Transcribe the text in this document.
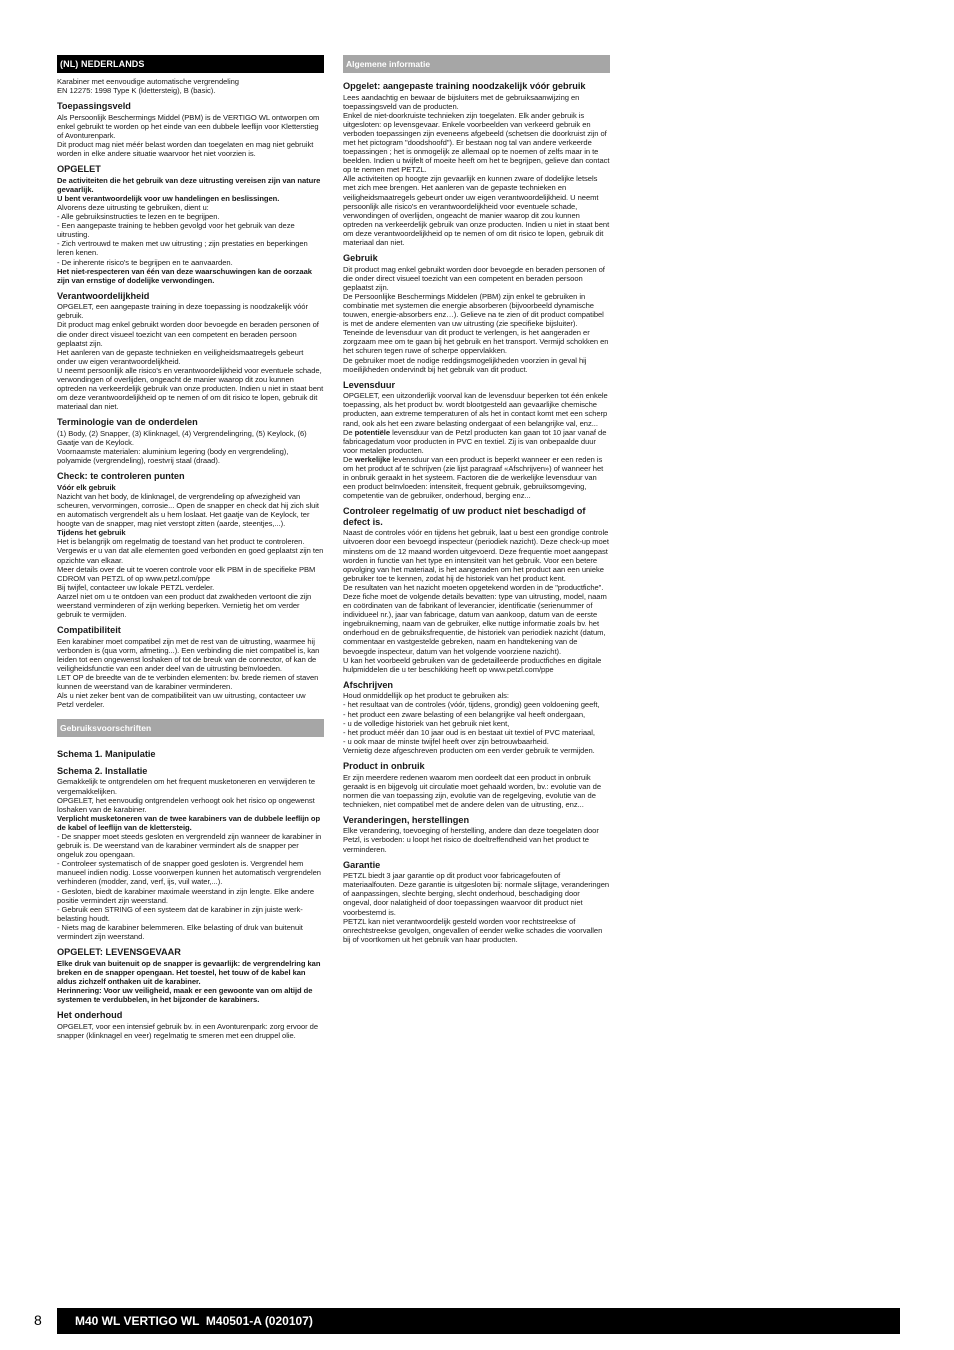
(NL) NEDERLANDS

Karabiner met eenvoudige automatische vergrendeling
EN 12275: 1998 Type K (klettersteig), B (basic).

Toepassingsveld

Als Persoonlijk Beschermings Middel (PBM) is de VERTIGO WL ontworpen om enkel gebruikt te worden op het einde van een dubbele leeflijn voor Kletterstieg of Avonturenpark.
Dit product mag niet méér belast worden dan toegelaten en mag niet gebruikt worden in elke andere situatie waarvoor het niet voorzien is.

OPGELET

De activiteiten die het gebruik van deze uitrusting vereisen zijn van nature gevaarlijk.
U bent verantwoordelijk voor uw handelingen en beslissingen.

Alvorens deze uitrusting te gebruiken, dient u:
- Alle gebruiksinstructies te lezen en te begrijpen.
- Een aangepaste training te hebben gevolgd voor het gebruik van deze uitrusting.
- Zich vertrouwd te maken met uw uitrusting ; zijn prestaties en beperkingen leren kenen.
- De inherente risico's te begrijpen en te aanvaarden.

Het niet-respecteren van één van deze waarschuwingen kan de oorzaak zijn van ernstige of dodelijke verwondingen.

Verantwoordelijkheid

OPGELET, een aangepaste training in deze toepassing is noodzakelijk vóór gebruik.
Dit product mag enkel gebruikt worden door bevoegde en beraden personen of die onder direct visueel toezicht van een competent en beraden persoon geplaatst zijn.
Het aanleren van de gepaste technieken en veiligheidsmaatregels gebeurt onder uw eigen verantwoordelijkheid.
U neemt persoonlijk alle risico's en verantwoordelijkheid voor eventuele schade, verwondingen of overlijden, ongeacht de manier waarop dit zou kunnen optreden na verkeerdelijk gebruik van onze producten. Indien u niet in staat bent om deze verantwoordelijkheid op te nemen of om dit risico te lopen, gebruik dit materiaal dan niet.

Terminologie van de onderdelen

(1) Body, (2) Snapper, (3) Klinknagel, (4) Vergrendelingring, (5) Keylock, (6) Gaatje van de Keylock.
Voornaamste materialen: aluminium legering (body en vergrendeling), polyamide (vergrendeling), roestvrij staal (draad).

Check: te controleren punten

Vóór elk gebruik

Nazicht van het body, de klinknagel, de vergrendeling op afwezigheid van scheuren, vervormingen, corrosie... Open de snapper en check dat hij zich sluit en automatisch vergrendelt als u hem loslaat. Het gaatje van de Keylock, ter hoogte van de snapper, mag niet verstopt zitten (aarde, steentjes,...).

Tijdens het gebruik

Het is belangrijk om regelmatig de toestand van het product te controleren. Vergewis er u van dat alle elementen goed verbonden en goed geplaatst zijn ten opzichte van elkaar.
Meer details over de uit te voeren controle voor elk PBM in de specifieke PBM CDROM van PETZL of op www.petzl.com/ppe
Bij twijfel, contacteer uw lokale PETZL verdeler.
Aarzel niet om u te ontdoen van een product dat zwakheden vertoont die zijn weerstand verminderen of zijn werking beperken. Vernietig het om verder gebruik te vermijden.

Compatibiliteit

Een karabiner moet compatibel zijn met de rest van de uitrusting, waarmee hij verbonden is (qua vorm, afmeting...). Een verbinding die niet compatibel is, kan leiden tot een ongewenst loshaken of tot de breuk van de connector, of kan de veiligheidsfunctie van een ander deel van de uitrusting beïnvloeden.
LET OP de breedte van de te verbinden elementen: bv. brede riemen of staven kunnen de weerstand van de karabiner verminderen.
Als u niet zeker bent van de compatibiliteit van uw uitrusting, contacteer uw Petzl verdeler.

Gebruiksvoorschriften
Schema 1. Manipulatie
Schema 2. Installatie

Gemakkelijk te ontgrendelen om het frequent musketoneren en verwijderen te vergemakkelijken.
OPGELET, het eenvoudig ontgrendelen verhoogt ook het risico op ongewenst loshaken van de karabiner.

Verplicht musketoneren van de twee karabiners van de dubbele leeflijn op de kabel of leeflijn van de klettersteig.

- De snapper moet steeds gesloten en vergrendeld zijn wanneer de karabiner in gebruik is. De weerstand van de karabiner vermindert als de snapper per ongeluk zou opengaan.
- Controleer systematisch of de snapper goed gesloten is. Vergrendel hem manueel indien nodig. Losse voorwerpen kunnen het automatisch vergrendelen verhinderen (modder, zand, verf, ijs, vuil water,...).
- Gesloten, biedt de karabiner maximale weerstand in zijn lengte. Elke andere positie vermindert zijn weerstand.
- Gebruik een STRING of een systeem dat de karabiner in zijn juiste werk-belasting houdt.
- Niets mag de karabiner belemmeren. Elke belasting of druk van buitenuit vermindert zijn weerstand.

OPGELET: LEVENSGEVAAR

Elke druk van buitenuit op de snapper is gevaarlijk: de vergrendelring kan breken en de snapper opengaan. Het toestel, het touw of de kabel kan aldus zichzelf onthaken uit de karabiner.
Herinnering: Voor uw veiligheid, maak er een gewoonte van om altijd de systemen te verdubbelen, in het bijzonder de karabiners.

Het onderhoud

OPGELET, voor een intensief gebruik bv. in een Avonturenpark: zorg ervoor de snapper (klinknagel en veer) regelmatig te smeren met een druppel olie.

Algemene informatie
Opgelet: aangepaste training noodzakelijk vóór gebruik

Lees aandachtig en bewaar de bijsluiters met de gebruiksaanwijzing en toepassingsveld van de producten.
Enkel de niet-doorkruiste technieken zijn toegelaten. Elk ander gebruik is uitgesloten: op levensgevaar. Enkele voorbeelden van verkeerd gebruik en verboden toepassingen zijn eveneens afgebeeld (schetsen die doorkruist zijn of met het pictogram "doodshoofd"). Er bestaan nog tal van andere verkeerde toepassingen ; het is onmogelijk ze allemaal op te noemen of zelfs maar in te beelden. Indien u twijfelt of moeite heeft om het te begrijpen, gelieve dan contact op te nemen met PETZL.
Alle activiteiten op hoogte zijn gevaarlijk en kunnen zware of dodelijke letsels met zich mee brengen. Het aanleren van de gepaste technieken en veiligheidsmaatregels gebeurt onder uw eigen verantwoordelijkheid. U neemt persoonlijk alle risico's en verantwoordelijkheid voor eventuele schade, verwondingen of overlijden, ongeacht de manier waarop dit zou kunnen optreden na verkeerdelijk gebruik van onze producten. Indien u niet in staat bent om deze verantwoordelijkheid op te nemen of om dit risico te lopen, gebruik dit materiaal dan niet.

Gebruik

Dit product mag enkel gebruikt worden door bevoegde en beraden personen of die onder direct visueel toezicht van een competent en beraden persoon geplaatst zijn.
De Persoonlijke Beschermings Middelen (PBM) zijn enkel te gebruiken in combinatie met systemen die energie absorberen (bijvoorbeeld dynamische touwen, energie-absorbers enz…). Gelieve na te zien of dit product compatibel is met de andere elementen van uw uitrusting (zie specifieke bijsluiter).
Teneinde de levensduur van dit product te verlengen, is het aangeraden er zorgzaam mee om te gaan bij het gebruik en het transport. Vermijd schokken en het schuren tegen ruwe of scherpe oppervlakken.
De gebruiker moet de nodige reddingsmogelijkheden voorzien in geval hij moeilijkheden ondervindt bij het gebruik van dit product.

Levensduur

OPGELET, een uitzonderlijk voorval kan de levensduur beperken tot één enkele toepassing, als het product bv. wordt blootgesteld aan gevaarlijke chemische producten, aan extreme temperaturen of als het in contact komt met een scherp rand, ook als het een zware belasting ondergaat of een belangrijke val, enz...

De potentiële levensduur van de Petzl producten kan gaan tot 10 jaar vanaf de fabricagedatum voor producten in PVC en textiel. Zij is van onbepaalde duur voor metalen producten.

De werkelijke levensduur van een product is beperkt wanneer er een reden is om het product af te schrijven (zie lijst paragraaf «Afschrijven») of wanneer het in onbruik geraakt in het systeem. Factoren die de werkelijke levensduur van een product beïnvloeden: intensiteit, frequent gebruik, gebruiksomgeving, competentie van de gebruiker, onderhoud, berging enz...

Controleer regelmatig of uw product niet beschadigd of defect is.

Naast de controles vóór en tijdens het gebruik, laat u best een grondige controle uitvoeren door een bevoegd inspecteur (periodiek nazicht). Deze check-up moet minstens om de 12 maand worden uitgevoerd. Deze frequentie moet aangepast worden in functie van het type en intensiteit van het gebruik. Voor een betere opvolging van het materiaal, is het aangeraden om het product aan een unieke gebruiker toe te kennen, zodat hij de historiek van het product kent.
De resultaten van het nazicht moeten opgetekend worden in de "productfiche". Deze fiche moet de volgende details bevatten: type van uitrusting, model, naam en coördinaten van de fabrikant of leverancier, identificatie (serienummer of individueel nr.), jaar van fabricage, datum van aankoop, datum van de eerste ingebruikneming, naam van de gebruiker, elke nuttige informatie zoals bv. het onderhoud en de gebruiksfrequentie, de historiek van periodiek nazicht (datum, commentaar en vastgestelde gebreken, naam en handtekening van de bevoegde inspecteur, datum van het volgende voorziene nazicht).
U kan het voorbeeld gebruiken van de gedetailleerde productfiches en digitale hulpmiddelen die u ter beschikking heeft op www.petzl.com/ppe

Afschrijven

Houd onmiddellijk op het product te gebruiken als:
- het resultaat van de controles (vóór, tijdens, grondig) geen voldoening geeft,
- het product een zware belasting of een belangrijke val heeft ondergaan,
- u de volledige historiek van het gebruik niet kent,
- het product méér dan 10 jaar oud is en bestaat uit textiel of PVC materiaal,
- u ook maar de minste twijfel heeft over zijn betrouwbaarheid.
Vernietig deze afgeschreven producten om een verder gebruik te vermijden.

Product in onbruik

Er zijn meerdere redenen waarom men oordeelt dat een product in onbruik geraakt is en bijgevolg uit circulatie moet gehaald worden, bv.: evolutie van de normen die van toepassing zijn, evolutie van de regelgeving, evolutie van de technieken, niet compatibel met de andere delen van de uitrusting, enz...

Veranderingen, herstellingen

Elke verandering, toevoeging of herstelling, andere dan deze toegelaten door Petzl, is verboden: u loopt het risico de doeltreffendheid van het product te verminderen.

Garantie

PETZL biedt 3 jaar garantie op dit product voor fabricagefouten of materiaalfouten. Deze garantie is uitgesloten bij: normale slijtage, veranderingen of aanpassingen, slechte berging, slecht onderhoud, beschadiging door ongeval, door nalatigheid of door toepassingen waarvoor dit product niet voorbestemd is.
PETZL kan niet verantwoordelijk gesteld worden voor rechtstreekse of onrechtstreekse gevolgen, ongevallen of eender welke schades die voorvallen bij of voortkomen uit het gebruik van haar producten.

8	M40 WL VERTIGO WL  M40501-A (020107)
